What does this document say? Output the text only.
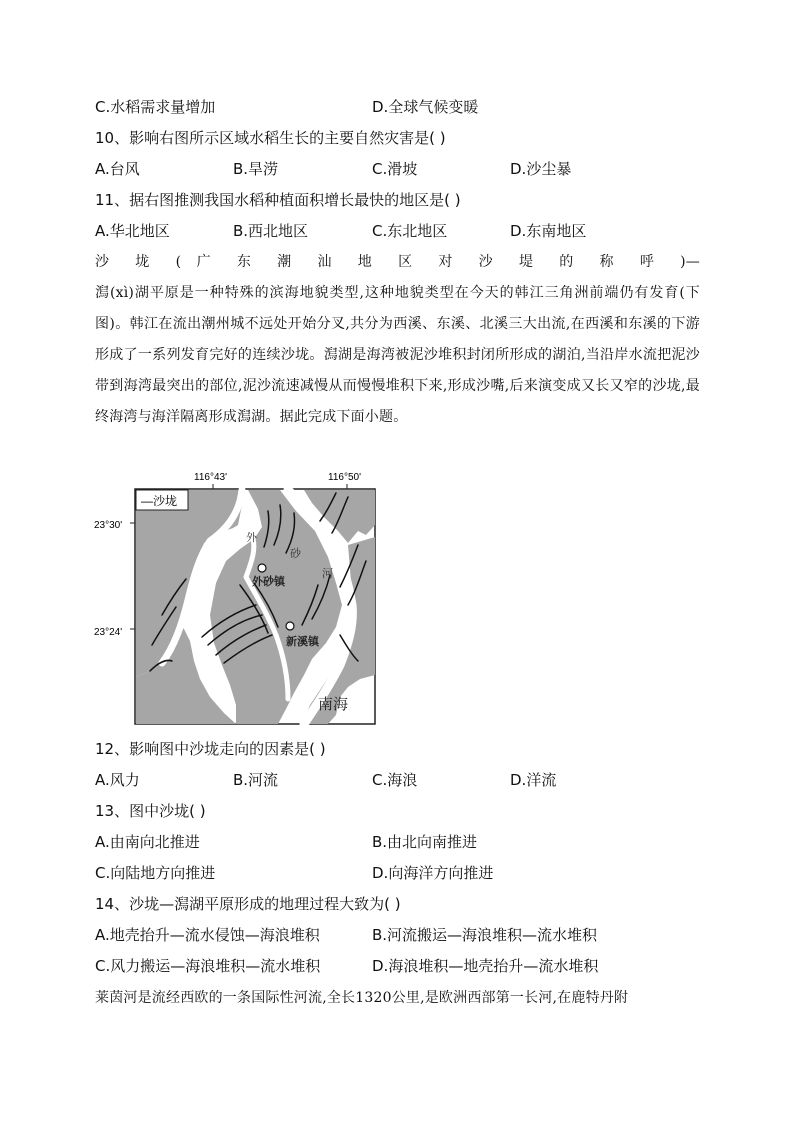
C.水稻需求量增加	D.全球气候变暖
10、影响右图所示区域水稻生长的主要自然灾害是( )
A.台风	B.旱涝	C.滑坡	D.沙尘暴
11、据右图推测我国水稻种植面积增长最快的地区是( )
A.华北地区	B.西北地区	C.东北地区	D.东南地区
沙 垅 ( 广 东 潮 汕 地 区 对 沙 堤 的 称 呼 )—
澙(xì)湖平原是一种特殊的滨海地貌类型,这种地貌类型在今天的韩江三角洲前端仍有发育(下图)。韩江在流出潮州城不远处开始分叉,共分为西溪、东溪、北溪三大出流,在西溪和东溪的下游形成了一系列发育完好的连续沙垅。澙湖是海湾被泥沙堆积封闭所形成的湖泊,当沿岸水流把泥沙带到海湾最突出的部位,泥沙流速减慢从而慢慢堆积下来,形成沙嘴,后来演变成又长又窄的沙垅,最终海湾与海洋隔离形成澙湖。据此完成下面小题。
116°43'	116°50'
23°30'
23°24'
—沙垅
外
砂
河
外砂镇
新溪镇
南海
12、影响图中沙垅走向的因素是( )
A.风力	B.河流	C.海浪	D.洋流
13、图中沙垅( )
A.由南向北推进	B.由北向南推进
C.向陆地方向推进	D.向海洋方向推进
14、沙垅—澙湖平原形成的地理过程大致为( )
A.地壳抬升—流水侵蚀—海浪堆积	B.河流搬运—海浪堆积—流水堆积
C.风力搬运—海浪堆积—流水堆积	D.海浪堆积—地壳抬升—流水堆积
莱茵河是流经西欧的一条国际性河流,全长1320公里,是欧洲西部第一长河,在鹿特丹附
